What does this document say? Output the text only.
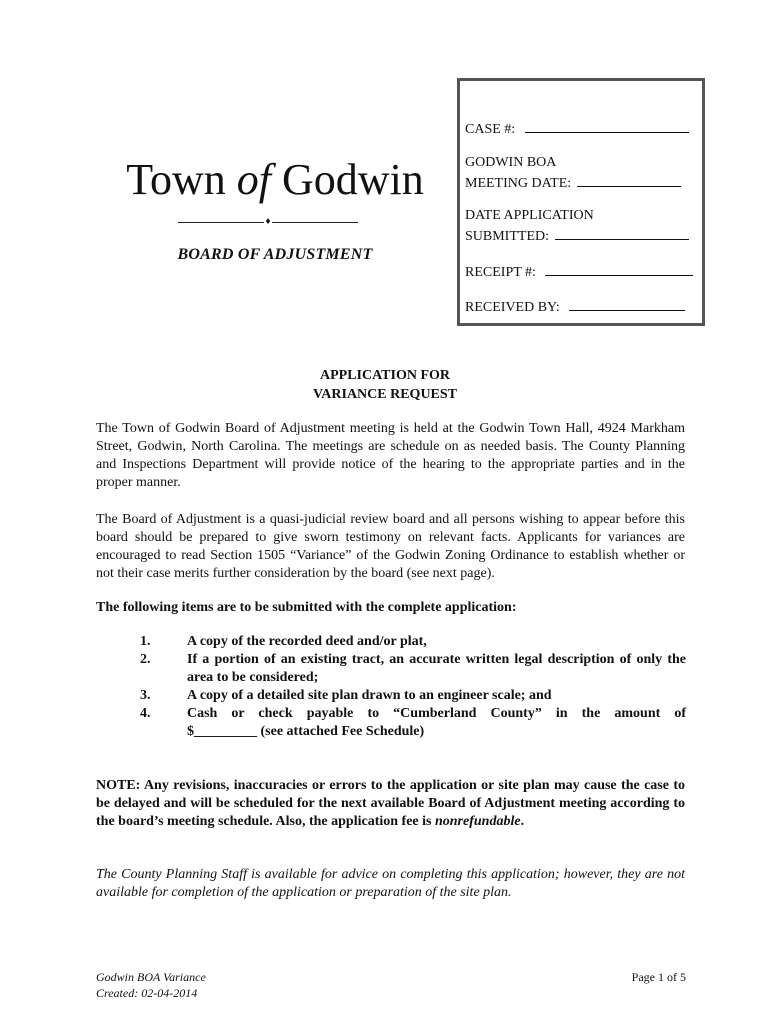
Town of Godwin
♦
BOARD OF ADJUSTMENT
CASE #:
GODWIN BOA
MEETING DATE:
DATE APPLICATION
SUBMITTED:
RECEIPT #:
RECEIVED BY:
APPLICATION FOR
VARIANCE REQUEST

The Town of Godwin Board of Adjustment meeting is held at the Godwin Town Hall, 4924 Markham Street, Godwin, North Carolina. The meetings are schedule on as needed basis. The County Planning and Inspections Department will provide notice of the hearing to the appropriate parties and in the proper manner.

The Board of Adjustment is a quasi-judicial review board and all persons wishing to appear before this board should be prepared to give sworn testimony on relevant facts. Applicants for variances are encouraged to read Section 1505 “Variance” of the Godwin Zoning Ordinance to establish whether or not their case merits further consideration by the board (see next page).

The following items are to be submitted with the complete application:

1.	A copy of the recorded deed and/or plat,
2.	If a portion of an existing tract, an accurate written legal description of only the area to be considered;
3.	A copy of a detailed site plan drawn to an engineer scale; and
4.	Cash or check payable to “Cumberland County” in the amount of
$_________ (see attached Fee Schedule)

NOTE: Any revisions, inaccuracies or errors to the application or site plan may cause the case to be delayed and will be scheduled for the next available Board of Adjustment meeting according to the board’s meeting schedule. Also, the application fee is nonrefundable.

The County Planning Staff is available for advice on completing this application; however, they are not available for completion of the application or preparation of the site plan.

Godwin BOA Variance
Created: 02-04-2014
Page 1 of 5
